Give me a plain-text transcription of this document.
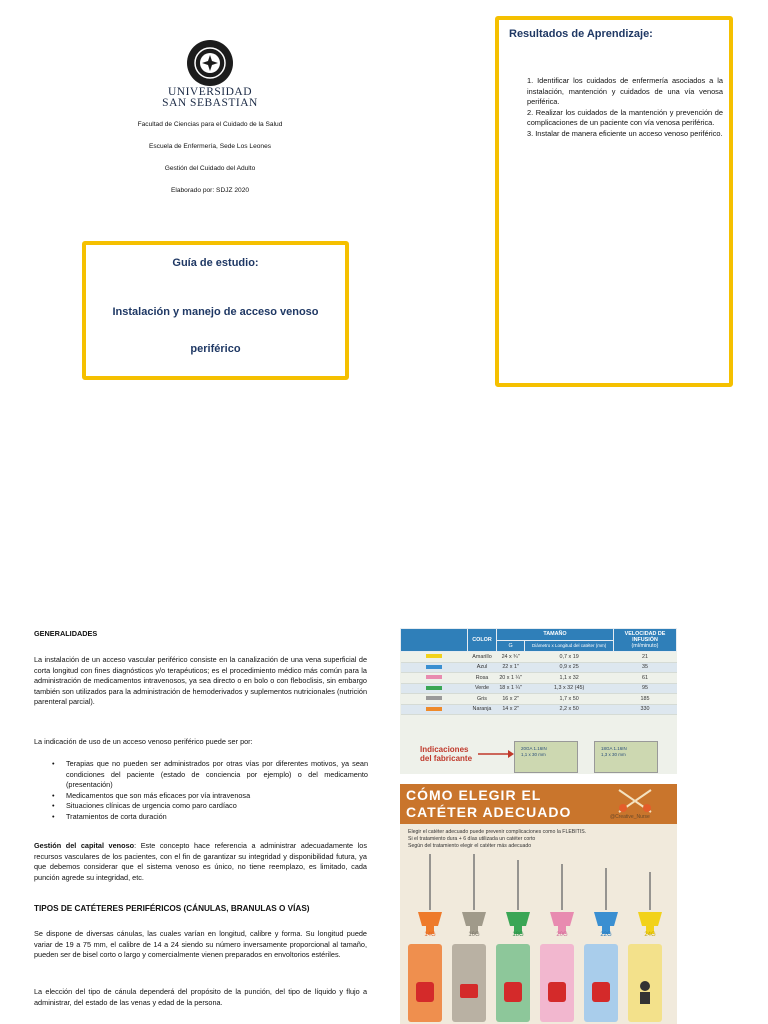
UNIVERSIDAD
SAN SEBASTIAN
Facultad de Ciencias para el Cuidado de la Salud
Escuela de Enfermería, Sede Los Leones
Gestión del Cuidado del Adulto
Elaborado por: SDJZ 2020
Guía de estudio:
Instalación y manejo de acceso venoso
periférico
Resultados de Aprendizaje:
1. Identificar los cuidados de enfermería asociados a la instalación, mantención y cuidados de una vía venosa periférica.
2. Realizar los cuidados de la mantención y prevención de complicaciones de un paciente con vía venosa periférica.
3. Instalar de manera eficiente un acceso venoso periférico.
GENERALIDADES
La instalación de un acceso vascular periférico consiste en la canalización de una vena superficial de corta longitud con fines diagnósticos y/o terapéuticos; es el procedimiento médico más común para la administración de medicamentos intravenosos, ya sea directo o en bolo o con fleboclisis, sin embargo también son utilizados para la administración de hemoderivados y suplementos nutricionales (nutrición parenteral parcial).
La indicación de uso de un acceso venoso periférico puede ser por:
• Terapias que no pueden ser administrados por otras vías por diferentes motivos, ya sean condiciones del paciente (estado de conciencia por ejemplo) o del medicamento (presentación)
• Medicamentos que son más eficaces por vía intravenosa
• Situaciones clínicas de urgencia como paro cardíaco
• Tratamientos de corta duración
Gestión del capital venoso: Este concepto hace referencia a administrar adecuadamente los recursos vasculares de los pacientes, con el fin de garantizar su integridad y disponibilidad futura, ya que debemos considerar que el sistema venoso es único, no tiene reemplazo, es limitado, cada punción agrede su integridad, etc.
TIPOS DE CATÉTERES PERIFÉRICOS (CÁNULAS, BRANULAS O VÍAS)
Se dispone de diversas cánulas, las cuales varían en longitud, calibre y forma. Su longitud puede variar de 19 a 75 mm, el calibre de 14 a 24 siendo su número inversamente proporcional al tamaño, pueden ser de bisel corto o largo y comercialmente vienen preparados en envoltorios estériles.
La elección del tipo de cánula dependerá del propósito de la punción, del tipo de líquido y flujo a administrar, del estado de las venas y edad de la persona.
	COLOR	TAMAÑO		VELOCIDAD DE INFUSIÓN
(ml/minuto)

		G	Diámetro x Longitud del catéter (mm)	
	Amarillo	24 x ¾"	0,7 x 19	21
	Azul	22 x 1"	0,9 x 25	35
	Rosa	20 x 1 ¼"	1,1 x 32	61
	Verde	18 x 1 ¼"	1,3 x 32 (45)	95
	Gris	16 x 2"	1,7 x 50	185
	Naranja	14 x 2"	2,2 x 50	330
Indicaciones
del fabricante
20GA 1.16IN
1,1 x 30 mm
18GA 1.16IN
1,3 x 30 mm
CÓMO ELEGIR EL
CATÉTER ADECUADO	@Creative_Nurse
Elegir el catéter adecuado puede prevenir complicaciones como la FLEBITIS.
Si el tratamiento dura + 6 días utilizada un catéter corto
Según del tratamiento elegir el catéter más adecuado
14G	16G	18G	20G	22G	24G
